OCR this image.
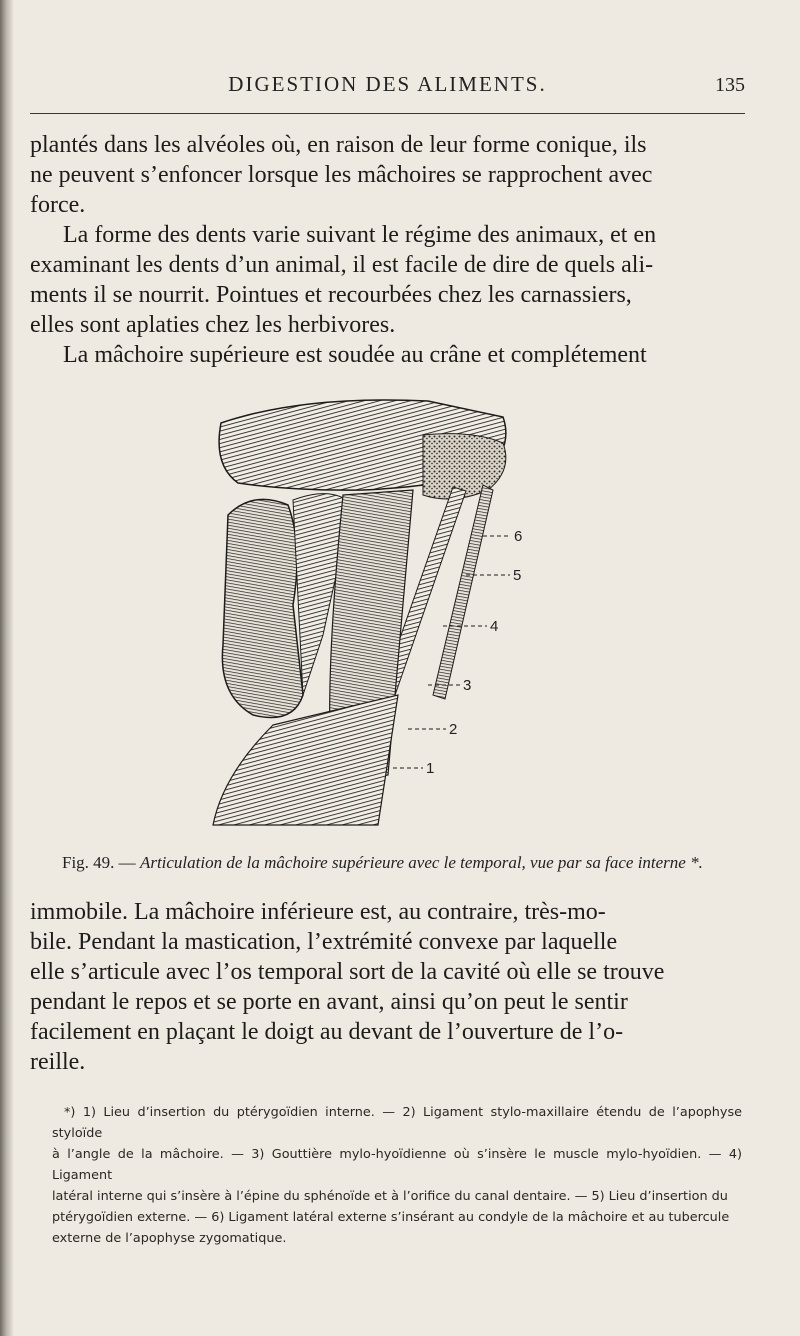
DIGESTION DES ALIMENTS.	135

plantés dans les alvéoles où, en raison de leur forme conique, ils

ne peuvent s’enfoncer lorsque les mâchoires se rapprochent avec

force.

La forme des dents varie suivant le régime des animaux, et en

examinant les dents d’un animal, il est facile de dire de quels ali-

ments il se nourrit. Pointues et recourbées chez les carnassiers,

elles sont aplaties chez les herbivores.

La mâchoire supérieure est soudée au crâne et complétement

6
5
4
3
2
1
Fig. 49. — Articulation de la mâchoire supérieure avec le temporal, vue par sa face interne *.

immobile. La mâchoire inférieure est, au contraire, très-mo-

bile. Pendant la mastication, l’extrémité convexe par laquelle

elle s’articule avec l’os temporal sort de la cavité où elle se trouve

pendant le repos et se porte en avant, ainsi qu’on peut le sentir

facilement en plaçant le doigt au devant de l’ouverture de l’o-

reille.

*) 1) Lieu d’insertion du ptérygoïdien interne. — 2) Ligament stylo-maxillaire étendu de l’apophyse styloïde

à l’angle de la mâchoire. — 3) Gouttière mylo-hyoïdienne où s’insère le muscle mylo-hyoïdien. — 4) Ligament

latéral interne qui s’insère à l’épine du sphénoïde et à l’orifice du canal dentaire. — 5) Lieu d’insertion du

ptérygoïdien externe. — 6) Ligament latéral externe s’insérant au condyle de la mâchoire et au tubercule

externe de l’apophyse zygomatique.
